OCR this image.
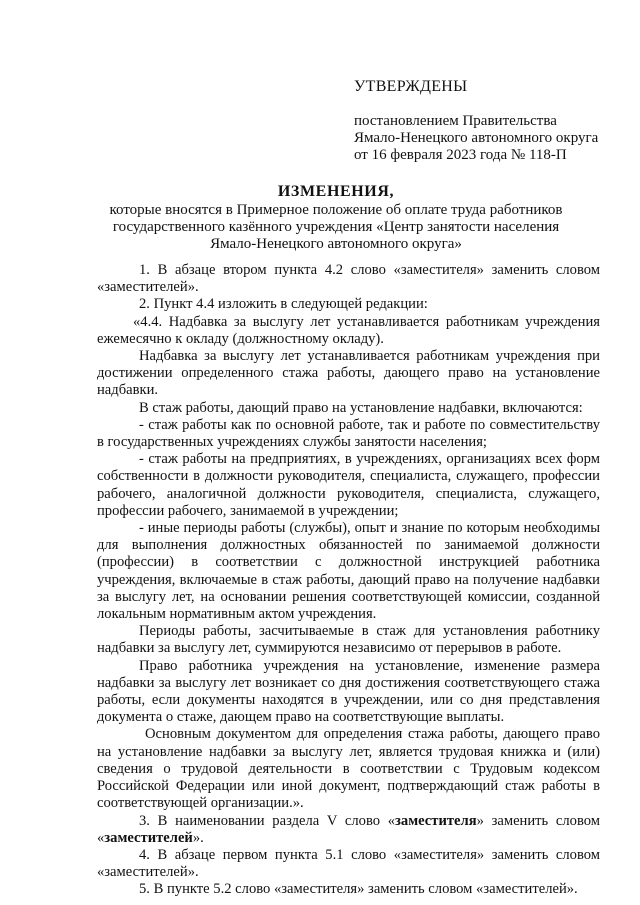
УТВЕРЖДЕНЫ
постановлением Правительства
Ямало-Ненецкого автономного округа
от 16 февраля 2023 года № 118-П
ИЗМЕНЕНИЯ,
которые вносятся в Примерное положение об оплате труда работников
государственного казённого учреждения «Центр занятости населения
Ямало-Ненецкого автономного округа»

1. В абзаце втором пункта 4.2 слово «заместителя» заменить словом «заместителей».

2. Пункт 4.4 изложить в следующей редакции:

«4.4. Надбавка за выслугу лет устанавливается работникам учреждения ежемесячно к окладу (должностному окладу).

Надбавка за выслугу лет устанавливается работникам учреждения при достижении определенного стажа работы, дающего право на установление надбавки.

В стаж работы, дающий право на установление надбавки, включаются:

- стаж работы как по основной работе, так и работе по совместительству в государственных учреждениях службы занятости населения;

- стаж работы на предприятиях, в учреждениях, организациях всех форм собственности в должности руководителя, специалиста, служащего, профессии рабочего, аналогичной должности руководителя, специалиста, служащего, профессии рабочего, занимаемой в учреждении;

- иные периоды работы (службы), опыт и знание по которым необходимы для выполнения должностных обязанностей по занимаемой должности (профессии) в соответствии с должностной инструкцией работника учреждения, включаемые в стаж работы, дающий право на получение надбавки за выслугу лет, на основании решения соответствующей комиссии, созданной локальным нормативным актом учреждения.

Периоды работы, засчитываемые в стаж для установления работнику надбавки за выслугу лет, суммируются независимо от перерывов в работе.

Право работника учреждения на установление, изменение размера надбавки за выслугу лет возникает со дня достижения соответствующего стажа работы, если документы находятся в учреждении, или со дня представления документа о стаже, дающем право на соответствующие выплаты.

Основным документом для определения стажа работы, дающего право на установление надбавки за выслугу лет, является трудовая книжка и (или) сведения о трудовой деятельности в соответствии с Трудовым кодексом Российской Федерации или иной документ, подтверждающий стаж работы в соответствующей организации.».

3. В наименовании раздела V слово «заместителя» заменить словом «заместителей».

4. В абзаце первом пункта 5.1 слово «заместителя» заменить словом «заместителей».

5. В пункте 5.2 слово «заместителя» заменить словом «заместителей».
